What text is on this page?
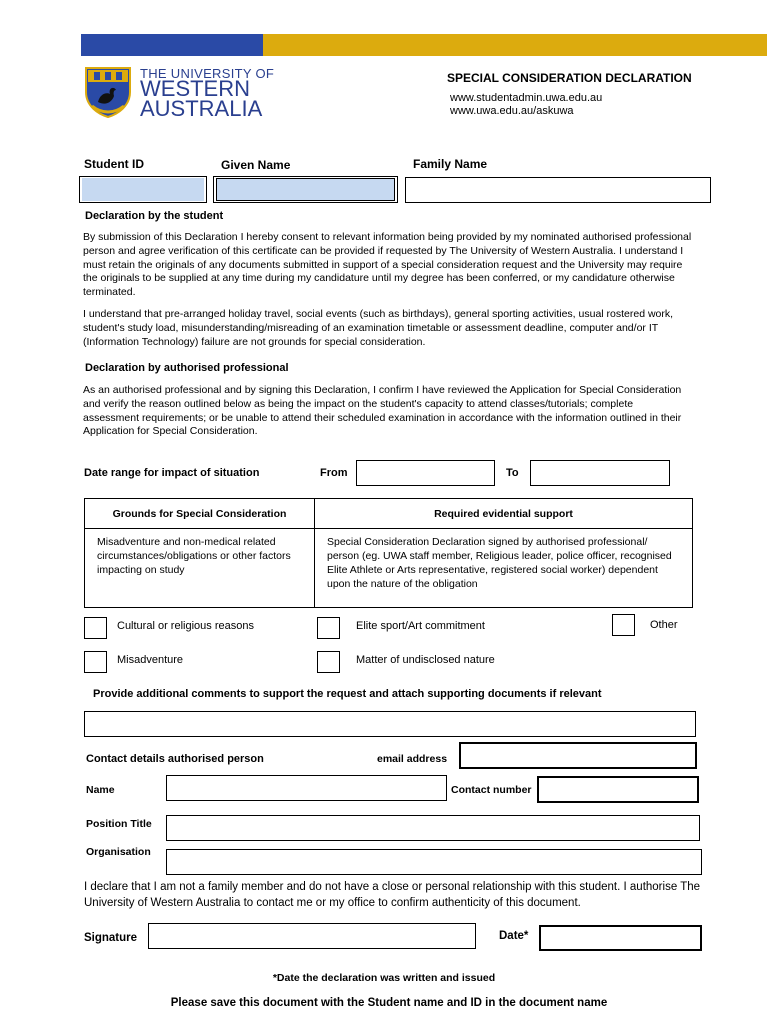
THE UNIVERSITY OF
WESTERN
AUSTRALIA
SPECIAL CONSIDERATION DECLARATION
www.studentadmin.uwa.edu.au
www.uwa.edu.au/askuwa
Student ID	Given Name	Family Name
Declaration by the student
By submission of this Declaration I hereby consent to relevant information being provided by my nominated authorised professional person and agree verification of this certificate can be provided if requested by The University of Western Australia. I understand I must retain the originals of any documents submitted in support of a special consideration request and the University may require the originals to be supplied at any time during my candidature until my degree has been conferred, or my candidature otherwise terminated.
I understand that pre-arranged holiday travel, social events (such as birthdays), general sporting activities, usual rostered work, student's study load, misunderstanding/misreading of an examination timetable or assessment deadline, computer and/or IT (Information Technology) failure are not grounds for special consideration.
Declaration by authorised professional
As an authorised professional and by signing this Declaration, I confirm I have reviewed the Application for Special Consideration and verify the reason outlined below as being the impact on the student's capacity to attend classes/tutorials; complete assessment requirements; or be unable to attend their scheduled examination in accordance with the information outlined in their Application for Special Consideration.
Date range for impact of situation	From	To
Grounds for Special Consideration	Required evidential support
Misadventure and non-medical related circumstances/obligations or other factors impacting on study	Special Consideration Declaration signed by authorised professional/ person (eg. UWA staff member, Religious leader, police officer, recognised Elite Athlete or Arts representative, registered social worker) dependent upon the nature of the obligation
Cultural or religious reasons	Elite sport/Art commitment	Other
Misadventure	Matter of undisclosed nature
Provide additional comments to support the request and attach supporting documents if relevant
Contact details authorised person	email address
Name	Contact number
Position Title
Organisation
I declare that I am not a family member and do not have a close or personal relationship with this student. I authorise The University of Western Australia to contact me or my office to confirm authenticity of this document.
Signature	Date*
*Date the declaration was written and issued
Please save this document with the Student name and ID in the document name
